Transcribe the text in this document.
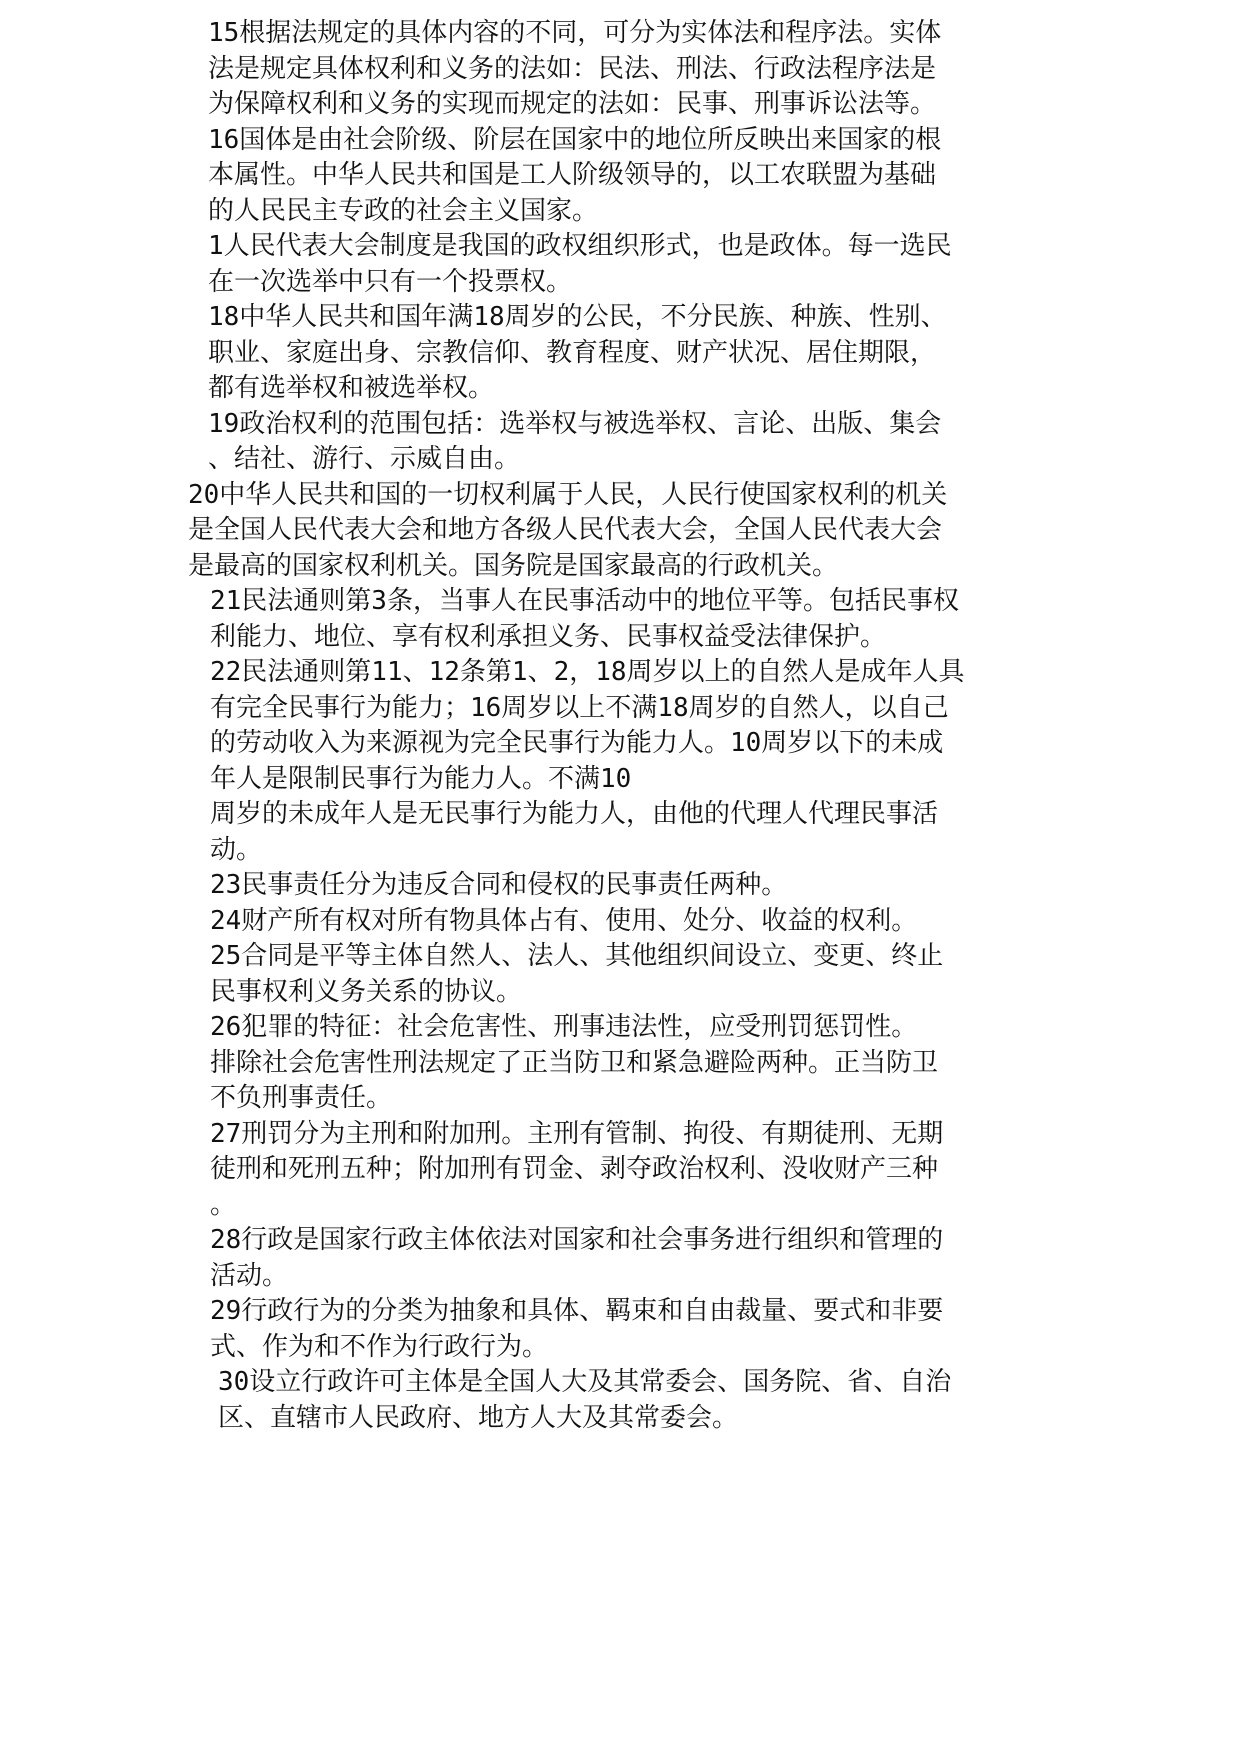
15根据法规定的具体内容的不同，可分为实体法和程序法。实体
法是规定具体权利和义务的法如：民法、刑法、行政法程序法是
为保障权利和义务的实现而规定的法如：民事、刑事诉讼法等。
16国体是由社会阶级、阶层在国家中的地位所反映出来国家的根
本属性。中华人民共和国是工人阶级领导的，以工农联盟为基础
的人民民主专政的社会主义国家。
1人民代表大会制度是我国的政权组织形式，也是政体。每一选民
在一次选举中只有一个投票权。
18中华人民共和国年满18周岁的公民，不分民族、种族、性别、
职业、家庭出身、宗教信仰、教育程度、财产状况、居住期限，
都有选举权和被选举权。
19政治权利的范围包括：选举权与被选举权、言论、出版、集会
、结社、游行、示威自由。
20中华人民共和国的一切权利属于人民，人民行使国家权利的机关
是全国人民代表大会和地方各级人民代表大会，全国人民代表大会
是最高的国家权利机关。国务院是国家最高的行政机关。
21民法通则第3条，当事人在民事活动中的地位平等。包括民事权
利能力、地位、享有权利承担义务、民事权益受法律保护。
22民法通则第11、12条第1、2，18周岁以上的自然人是成年人具
有完全民事行为能力；16周岁以上不满18周岁的自然人，以自己
的劳动收入为来源视为完全民事行为能力人。10周岁以下的未成
年人是限制民事行为能力人。不满10
周岁的未成年人是无民事行为能力人，由他的代理人代理民事活
动。
23民事责任分为违反合同和侵权的民事责任两种。
24财产所有权对所有物具体占有、使用、处分、收益的权利。
25合同是平等主体自然人、法人、其他组织间设立、变更、终止
民事权利义务关系的协议。
26犯罪的特征：社会危害性、刑事违法性，应受刑罚惩罚性。
排除社会危害性刑法规定了正当防卫和紧急避险两种。正当防卫
不负刑事责任。
27刑罚分为主刑和附加刑。主刑有管制、拘役、有期徒刑、无期
徒刑和死刑五种；附加刑有罚金、剥夺政治权利、没收财产三种
。
28行政是国家行政主体依法对国家和社会事务进行组织和管理的
活动。
29行政行为的分类为抽象和具体、羁束和自由裁量、要式和非要
式、作为和不作为行政行为。
30设立行政许可主体是全国人大及其常委会、国务院、省、自治
区、直辖市人民政府、地方人大及其常委会。
